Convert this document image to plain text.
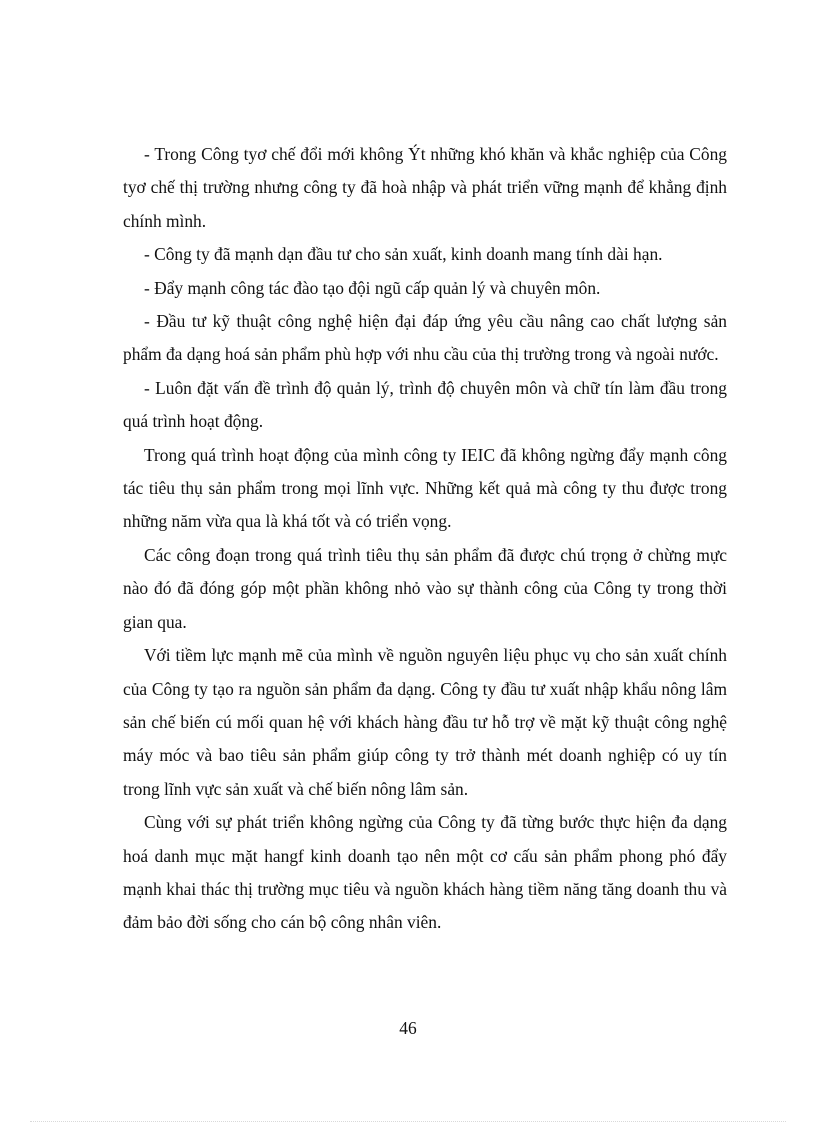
- Trong Công tyơ chế đổi mới không Ýt những khó khăn và khắc nghiệp của Công tyơ chế thị trường nhưng công ty đã hoà nhập và phát triển vững mạnh để khẳng định chính mình.

- Công ty đã mạnh dạn đầu tư cho sản xuất, kinh doanh mang tính dài hạn.

- Đẩy mạnh công tác đào tạo đội ngũ cấp quản lý và chuyên môn.

- Đầu tư kỹ thuật công nghệ hiện đại đáp ứng yêu cầu nâng cao chất lượng sản phẩm đa dạng hoá sản phẩm phù hợp với nhu cầu của thị trường trong và ngoài nước.

- Luôn đặt vấn đề trình độ quản lý, trình độ chuyên môn và chữ tín làm đầu trong quá trình hoạt động.

Trong quá trình hoạt động của mình công ty IEIC đã không ngừng đẩy mạnh công tác tiêu thụ sản phẩm trong mọi lĩnh vực. Những kết quả mà công ty thu được trong những năm vừa qua là khá tốt và có triển vọng.

Các công đoạn trong quá trình tiêu thụ sản phẩm đã được chú trọng ở chừng mực nào đó đã đóng góp một phần không nhỏ vào sự thành công của Công ty trong thời gian qua.

Với tiềm lực mạnh mẽ của mình về nguồn nguyên liệu phục vụ cho sản xuất chính của Công ty tạo ra nguồn sản phẩm đa dạng. Công ty đầu tư xuất nhập khẩu nông lâm sản chế biến cú mối quan hệ với khách hàng đầu tư hỗ trợ về mặt kỹ thuật công nghệ máy móc và bao tiêu sản phẩm giúp công ty trở thành mét doanh nghiệp có uy tín trong lĩnh vực sản xuất và chế biến nông lâm sản.

Cùng với sự phát triển không ngừng của Công ty đã từng bước thực hiện đa dạng hoá danh mục mặt hangf kinh doanh tạo nên một cơ cấu sản phẩm phong phó đẩy mạnh khai thác thị trường mục tiêu và nguồn khách hàng tiềm năng tăng doanh thu và đảm bảo đời sống cho cán bộ công nhân viên.

46
